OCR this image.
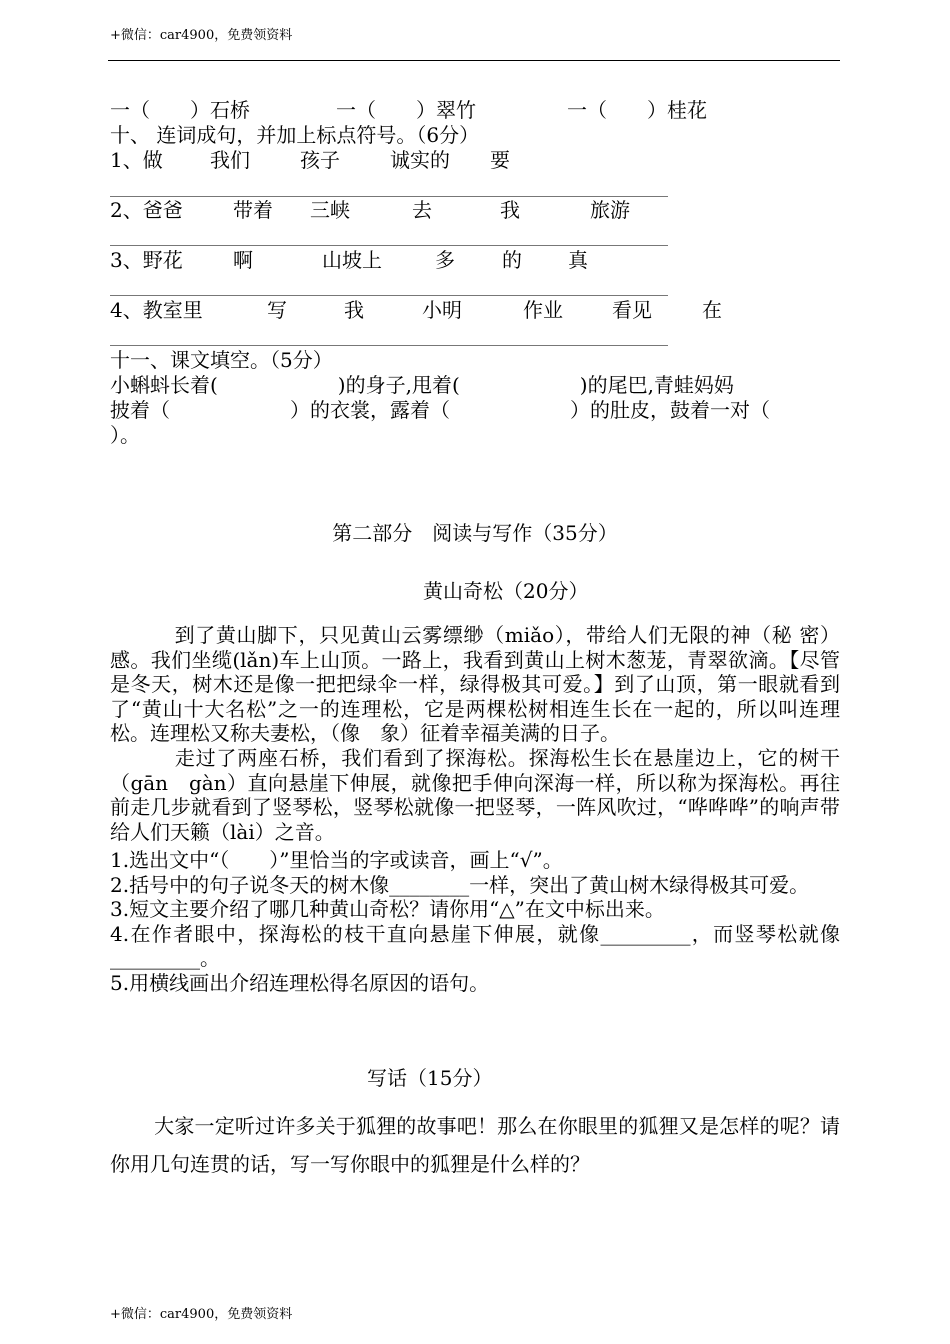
+微信：car4900，免费领资料
一（　　）石桥	一（　　）翠竹	一（　　）桂花
十、 连词成句，并加上标点符号。（6分）
1、做 我们	孩子	诚实的 要
2、爸爸	带着 三峡	去	我	旅游
3、野花	啊	山坡上	多 的 真
4、教室里	写	我	小明	作业 看见	在
十一、课文填空。（5分）
小蝌蚪长着(　　　　　　)的身子,甩着(　　　　　　)的尾巴,青蛙妈妈
披着（　　　　　　）的衣裳，露着（　　　　　　）的肚皮，鼓着一对（
）。
第二部分　阅读与写作（35分）
黄山奇松（20分）

到了黄山脚下，只见黄山云雾缥缈（miǎo），带给人们无限的神（秘 密）感。我们坐缆(lǎn)车上山顶。一路上，我看到黄山上树木葱茏，青翠欲滴。【尽管是冬天，树木还是像一把把绿伞一样，绿得极其可爱。】到了山顶，第一眼就看到了“黄山十大名松”之一的连理松，它是两棵松树相连生长在一起的，所以叫连理松。连理松又称夫妻松，（像　象）征着幸福美满的日子。

走过了两座石桥，我们看到了探海松。探海松生长在悬崖边上，它的树干（gān　gàn）直向悬崖下伸展，就像把手伸向深海一样，所以称为探海松。再往前走几步就看到了竖琴松，竖琴松就像一把竖琴，一阵风吹过，“哗哗哗”的响声带给人们天籁（lài）之音。

1.选出文中“（　　）”里恰当的字或读音，画上“√”。

2.括号中的句子说冬天的树木像________一样，突出了黄山树木绿得极其可爱。

3.短文主要介绍了哪几种黄山奇松？请你用“△”在文中标出来。

4.在作者眼中，探海松的枝干直向悬崖下伸展，就像_________，而竖琴松就像_________。

5.用横线画出介绍连理松得名原因的语句。

写话（15分）

大家一定听过许多关于狐狸的故事吧！那么在你眼里的狐狸又是怎样的呢？请你用几句连贯的话，写一写你眼中的狐狸是什么样的？

+微信：car4900，免费领资料
